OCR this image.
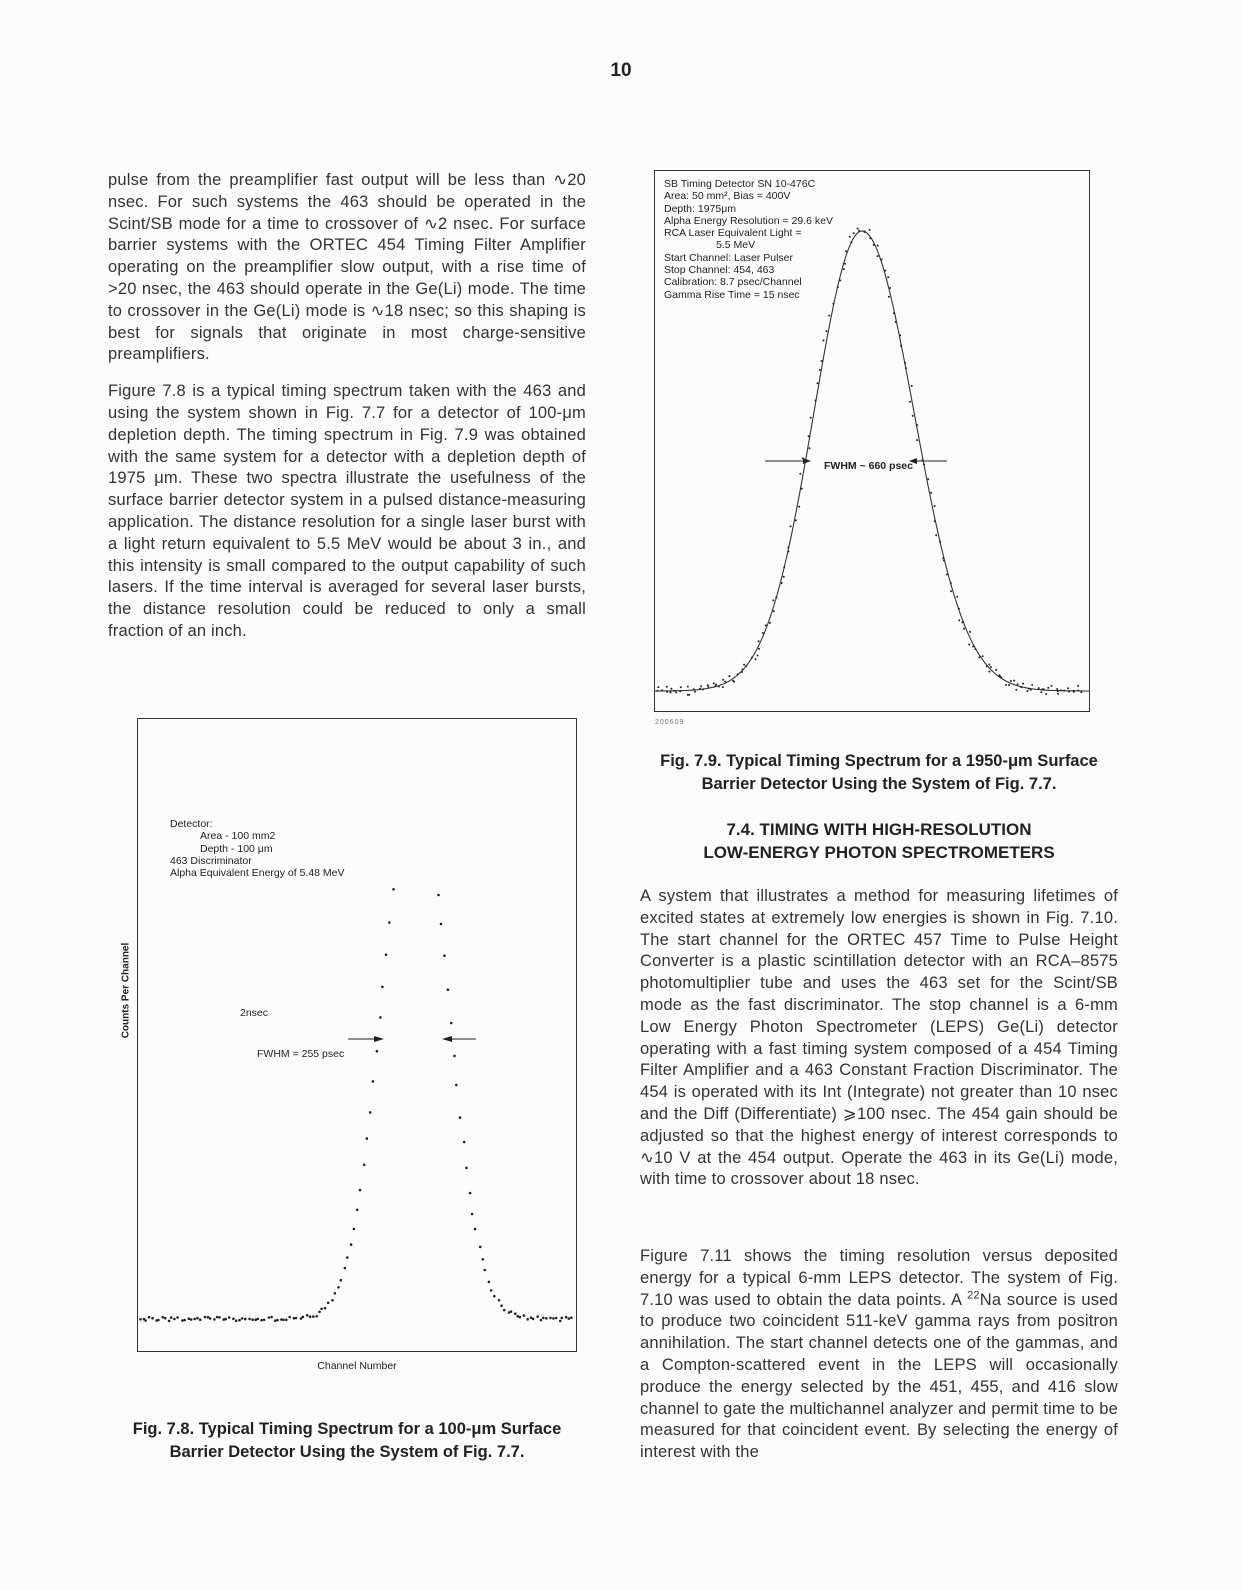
10

pulse from the preamplifier fast output will be less than ∿20 nsec. For such systems the 463 should be operated in the Scint/SB mode for a time to crossover of ∿2 nsec. For surface barrier systems with the ORTEC 454 Timing Filter Amplifier operating on the preamplifier slow output, with a rise time of >20 nsec, the 463 should operate in the Ge(Li) mode. The time to crossover in the Ge(Li) mode is ∿18 nsec; so this shaping is best for signals that originate in most charge-sensitive preamplifiers.

Figure 7.8 is a typical timing spectrum taken with the 463 and using the system shown in Fig. 7.7 for a detector of 100-μm depletion depth. The timing spectrum in Fig. 7.9 was obtained with the same system for a detector with a depletion depth of 1975 μm. These two spectra illustrate the usefulness of the surface barrier detector system in a pulsed distance-measuring application. The distance resolution for a single laser burst with a light return equivalent to 5.5 MeV would be about 3 in., and this intensity is small compared to the output capability of such lasers. If the time interval is averaged for several laser bursts, the distance resolution could be reduced to only a small fraction of an inch.

SB Timing Detector SN 10-476C
Area: 50 mm², Bias = 400V
Depth: 1975μm
Alpha Energy Resolution = 29.6 keV
RCA Laser Equivalent Light =
5.5 MeV
Start Channel: Laser Pulser
Stop Channel: 454, 463
Calibration: 8.7 psec/Channel
Gamma Rise Time = 15 nsec
FWHM ~ 660 psec
200609
Fig. 7.9. Typical Timing Spectrum for a 1950-μm Surface
Barrier Detector Using the System of Fig. 7.7.
7.4. TIMING WITH HIGH-RESOLUTION
LOW-ENERGY PHOTON SPECTROMETERS

A system that illustrates a method for measuring lifetimes of excited states at extremely low energies is shown in Fig. 7.10. The start channel for the ORTEC 457 Time to Pulse Height Converter is a plastic scintillation detector with an RCA–8575 photomultiplier tube and uses the 463 set for the Scint/SB mode as the fast discriminator. The stop channel is a 6-mm Low Energy Photon Spectrometer (LEPS) Ge(Li) detector operating with a fast timing system composed of a 454 Timing Filter Amplifier and a 463 Constant Fraction Discriminator. The 454 is operated with its Int (Integrate) not greater than 10 nsec and the Diff (Differentiate) ⩾100 nsec. The 454 gain should be adjusted so that the highest energy of interest corresponds to ∿10 V at the 454 output. Operate the 463 in its Ge(Li) mode, with time to crossover about 18 nsec.

Figure 7.11 shows the timing resolution versus deposited energy for a typical 6-mm LEPS detector. The system of Fig. 7.10 was used to obtain the data points. A $^{22}$Na source is used to produce two coincident 511-keV gamma rays from positron annihilation. The start channel detects one of the gammas, and a Compton-scattered event in the LEPS will occasionally produce the energy selected by the 451, 455, and 416 slow channel to gate the multichannel analyzer and permit time to be measured for that coincident event. By selecting the energy of interest with the

Detector:
Area - 100 mm2
Depth - 100 μm
463 Discriminator
Alpha Equivalent Energy of 5.48 MeV
2nsec
FWHM = 255 psec
Channel Number
Counts Per Channel
Fig. 7.8. Typical Timing Spectrum for a 100-μm Surface
Barrier Detector Using the System of Fig. 7.7.
